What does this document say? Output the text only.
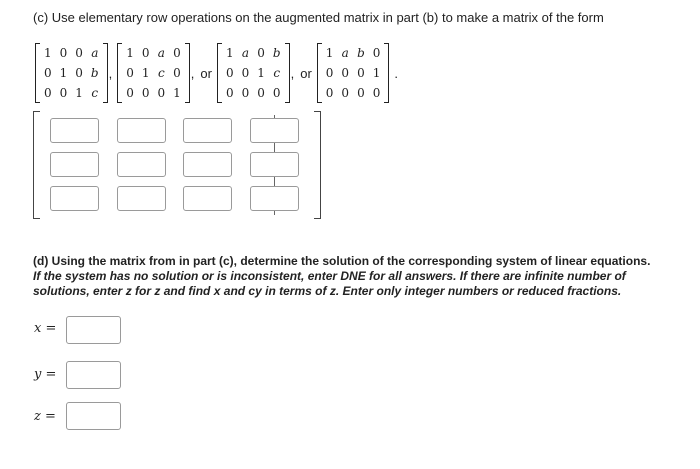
(c) Use elementary row operations on the augmented matrix in part (b) to make a matrix of the form
1	0	0	a
0	1	0	b
0	0	1	c
,
1	0	a	0
0	1	c	0
0	0	0	1
, or
1	a	0	b
0	0	1	c
0	0	0	0
, or
1	a	b	0
0	0	0	1
0	0	0	0
.
(d) Using the matrix from in part (c), determine the solution of the corresponding system of linear equations.
If the system has no solution or is inconsistent, enter DNE for all answers. If there are infinite number of
solutions, enter z for z and find x and cy in terms of z. Enter only integer numbers or reduced fractions.
x =
y =
z =
